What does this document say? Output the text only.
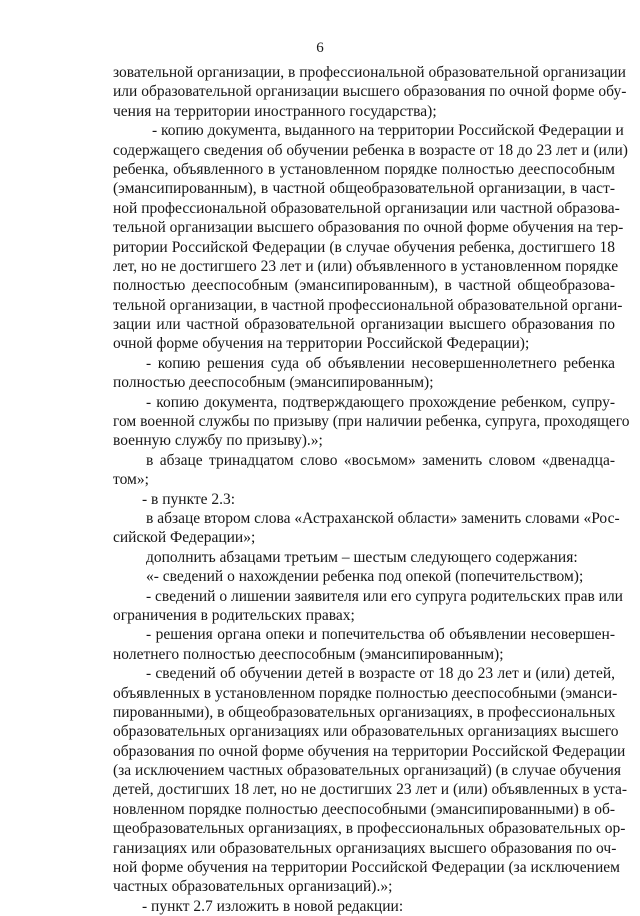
6
зовательной организации, в профессиональной образовательной организации
или образовательной организации высшего образования по очной форме обу-
чения на территории иностранного государства);
- копию документа, выданного на территории Российской Федерации и
содержащего сведения об обучении ребенка в возрасте от 18 до 23 лет и (или)
ребенка, объявленного в установленном порядке полностью дееспособным
(эмансипированным), в частной общеобразовательной организации, в част-
ной профессиональной образовательной организации или частной образова-
тельной организации высшего образования по очной форме обучения на тер-
ритории Российской Федерации (в случае обучения ребенка, достигшего 18
лет, но не достигшего 23 лет и (или) объявленного в установленном порядке
полностью дееспособным (эмансипированным), в частной общеобразова-
тельной организации, в частной профессиональной образовательной органи-
зации или частной образовательной организации высшего образования по
очной форме обучения на территории Российской Федерации);
- копию решения суда об объявлении несовершеннолетнего ребенка
полностью дееспособным (эмансипированным);
- копию документа, подтверждающего прохождение ребенком, супру-
гом военной службы по призыву (при наличии ребенка, супруга, проходящего
военную службу по призыву).»;
в абзаце тринадцатом слово «восьмом» заменить словом «двенадца-
том»;
- в пункте 2.3:
в абзаце втором слова «Астраханской области» заменить словами «Рос-
сийской Федерации»;
дополнить абзацами третьим – шестым следующего содержания:
«- сведений о нахождении ребенка под опекой (попечительством);
- сведений о лишении заявителя или его супруга родительских прав или
ограничения в родительских правах;
- решения органа опеки и попечительства об объявлении несовершен-
нолетнего полностью дееспособным (эмансипированным);
- сведений об обучении детей в возрасте от 18 до 23 лет и (или) детей,
объявленных в установленном порядке полностью дееспособными (эманси-
пированными), в общеобразовательных организациях, в профессиональных
образовательных организациях или образовательных организациях высшего
образования по очной форме обучения на территории Российской Федерации
(за исключением частных образовательных организаций) (в случае обучения
детей, достигших 18 лет, но не достигших 23 лет и (или) объявленных в уста-
новленном порядке полностью дееспособными (эмансипированными) в об-
щеобразовательных организациях, в профессиональных образовательных ор-
ганизациях или образовательных организациях высшего образования по оч-
ной форме обучения на территории Российской Федерации (за исключением
частных образовательных организаций).»;
- пункт 2.7 изложить в новой редакции:
